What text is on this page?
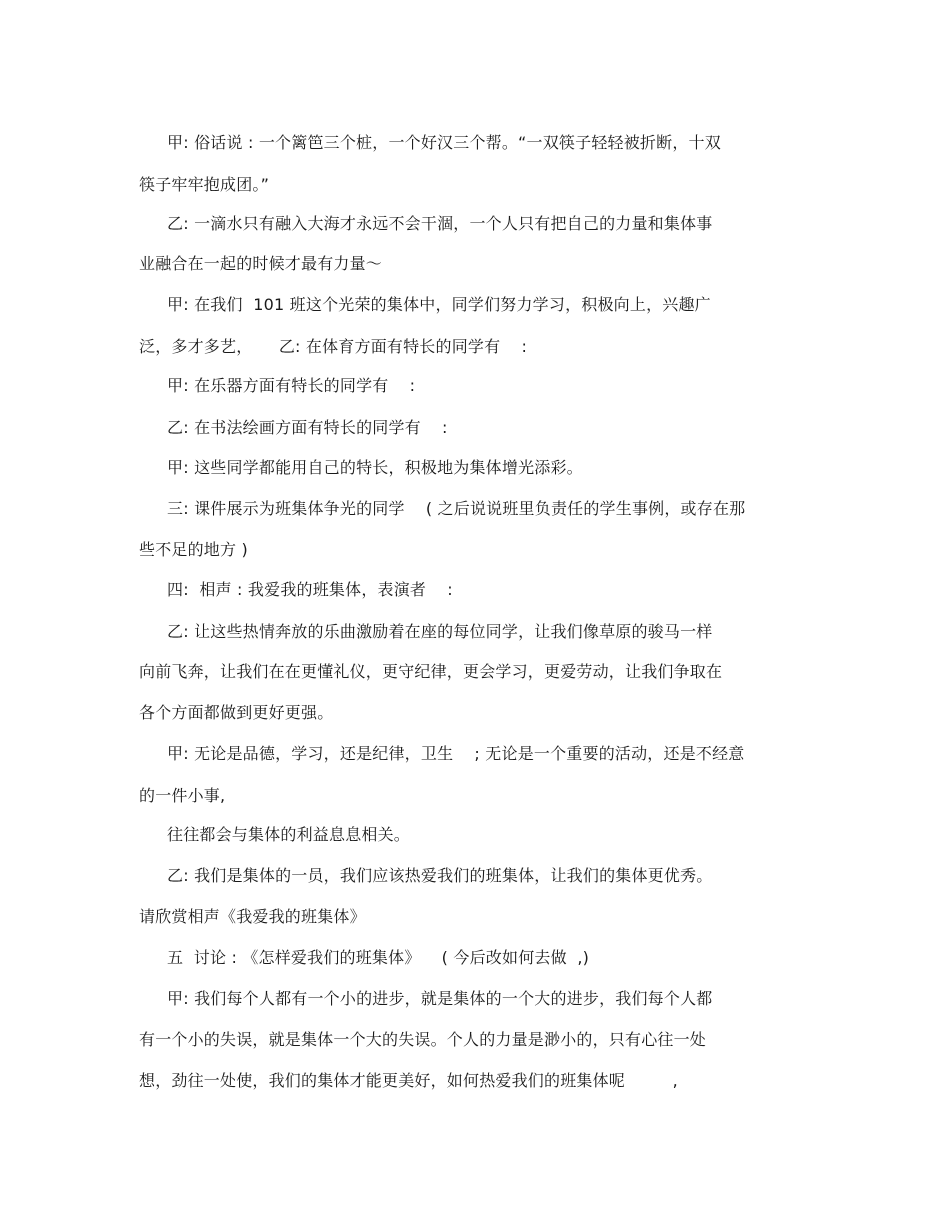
甲: 俗话说 : 一个篱笆三个桩，一个好汉三个帮。“一双筷子轻轻被折断，十双
筷子牢牢抱成团。”
乙: 一滴水只有融入大海才永远不会干涸，一个人只有把自己的力量和集体事
业融合在一起的时候才最有力量～
甲: 在我们  101 班这个光荣的集体中，同学们努力学习，积极向上，兴趣广
泛，多才多艺，     乙: 在体育方面有特长的同学有    :
甲: 在乐器方面有特长的同学有    :
乙: 在书法绘画方面有特长的同学有    :
甲: 这些同学都能用自己的特长，积极地为集体增光添彩。
三: 课件展示为班集体争光的同学    ( 之后说说班里负责任的学生事例，或存在那
些不足的地方 )
四:  相声 : 我爱我的班集体，表演者    :
乙: 让这些热情奔放的乐曲激励着在座的每位同学，让我们像草原的骏马一样
向前飞奔，让我们在在更懂礼仪，更守纪律，更会学习，更爱劳动，让我们争取在
各个方面都做到更好更强。
甲: 无论是品德，学习，还是纪律，卫生    ; 无论是一个重要的活动，还是不经意
的一件小事,
往往都会与集体的利益息息相关。
乙: 我们是集体的一员，我们应该热爱我们的班集体，让我们的集体更优秀。
请欣赏相声《我爱我的班集体》
五  讨论 : 《怎样爱我们的班集体》    ( 今后改如何去做  ,)
甲: 我们每个人都有一个小的进步，就是集体的一个大的进步，我们每个人都
有一个小的失误，就是集体一个大的失误。个人的力量是渺小的，只有心往一处
想，劲往一处使，我们的集体才能更美好，如何热爱我们的班集体呢         ,
